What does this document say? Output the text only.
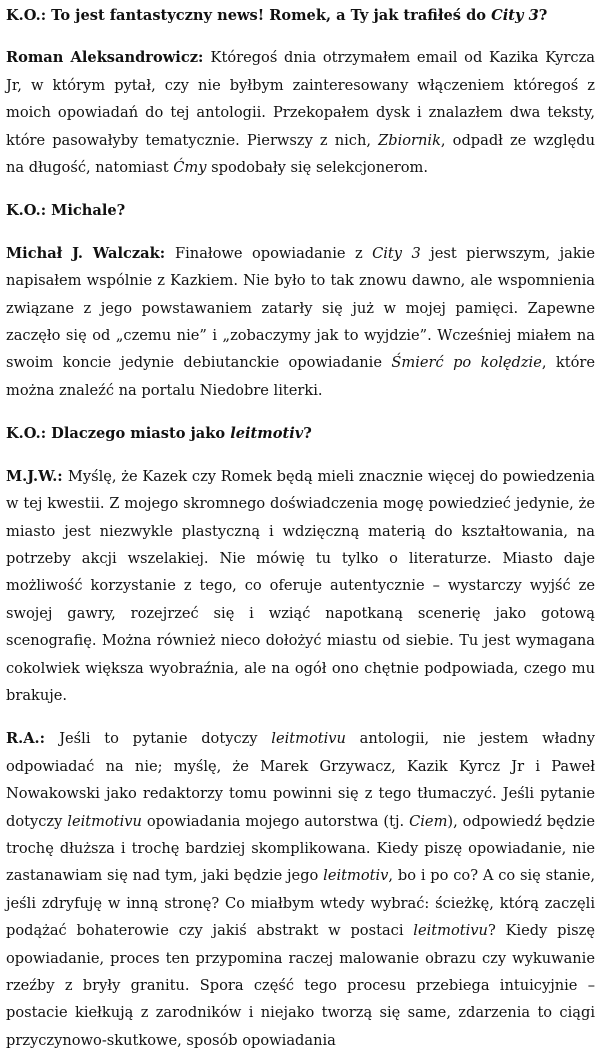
K.O.: To jest fantastyczny news! Romek, a Ty jak trafiłeś do City 3?

Roman Aleksandrowicz: Któregoś dnia otrzymałem email od Kazika Kyrcza Jr, w którym pytał, czy nie byłbym zainteresowany włączeniem któregoś z moich opowiadań do tej antologii. Przekopałem dysk i znalazłem dwa teksty, które pasowałyby tematycznie. Pierwszy z nich, Zbiornik, odpadł ze względu na długość, natomiast Ćmy spodobały się selekcjonerom.

K.O.: Michale?

Michał J. Walczak: Finałowe opowiadanie z City 3 jest pierwszym, jakie napisałem wspólnie z Kazkiem. Nie było to tak znowu dawno, ale wspomnienia związane z jego powstawaniem zatarły się już w mojej pamięci. Zapewne zaczęło się od „czemu nie” i „zobaczymy jak to wyjdzie”. Wcześniej miałem na swoim koncie jedynie debiutanckie opowiadanie Śmierć po kolędzie, które można znaleźć na portalu Niedobre literki.

K.O.: Dlaczego miasto jako leitmotiv?

M.J.W.: Myślę, że Kazek czy Romek będą mieli znacznie więcej do powiedzenia w tej kwestii. Z mojego skromnego doświadczenia mogę powiedzieć jedynie, że miasto jest niezwykle plastyczną i wdzięczną materią do kształtowania, na potrzeby akcji wszelakiej. Nie mówię tu tylko o literaturze. Miasto daje możliwość korzystanie z tego, co oferuje autentycznie – wystarczy wyjść ze swojej gawry, rozejrzeć się i wziąć napotkaną scenerię jako gotową scenografię. Można również nieco dołożyć miastu od siebie. Tu jest wymagana cokolwiek większa wyobraźnia, ale na ogół ono chętnie podpowiada, czego mu brakuje.

R.A.: Jeśli to pytanie dotyczy leitmotivu antologii, nie jestem władny odpowiadać na nie; myślę, że Marek Grzywacz, Kazik Kyrcz Jr i Paweł Nowakowski jako redaktorzy tomu powinni się z tego tłumaczyć. Jeśli pytanie dotyczy leitmotivu opowiadania mojego autorstwa (tj. Ciem), odpowiedź będzie trochę dłuższa i trochę bardziej skomplikowana. Kiedy piszę opowiadanie, nie zastanawiam się nad tym, jaki będzie jego leitmotiv, bo i po co? A co się stanie, jeśli zdryfuję w inną stronę? Co miałbym wtedy wybrać: ścieżkę, którą zaczęli podążać bohaterowie czy jakiś abstrakt w postaci leitmotivu? Kiedy piszę opowiadanie, proces ten przypomina raczej malowanie obrazu czy wykuwanie rzeźby z bryły granitu. Spora część tego procesu przebiega intuicyjnie – postacie kiełkują z zarodników i niejako tworzą się same, zdarzenia to ciągi przyczynowo-skutkowe, sposób opowiadania
